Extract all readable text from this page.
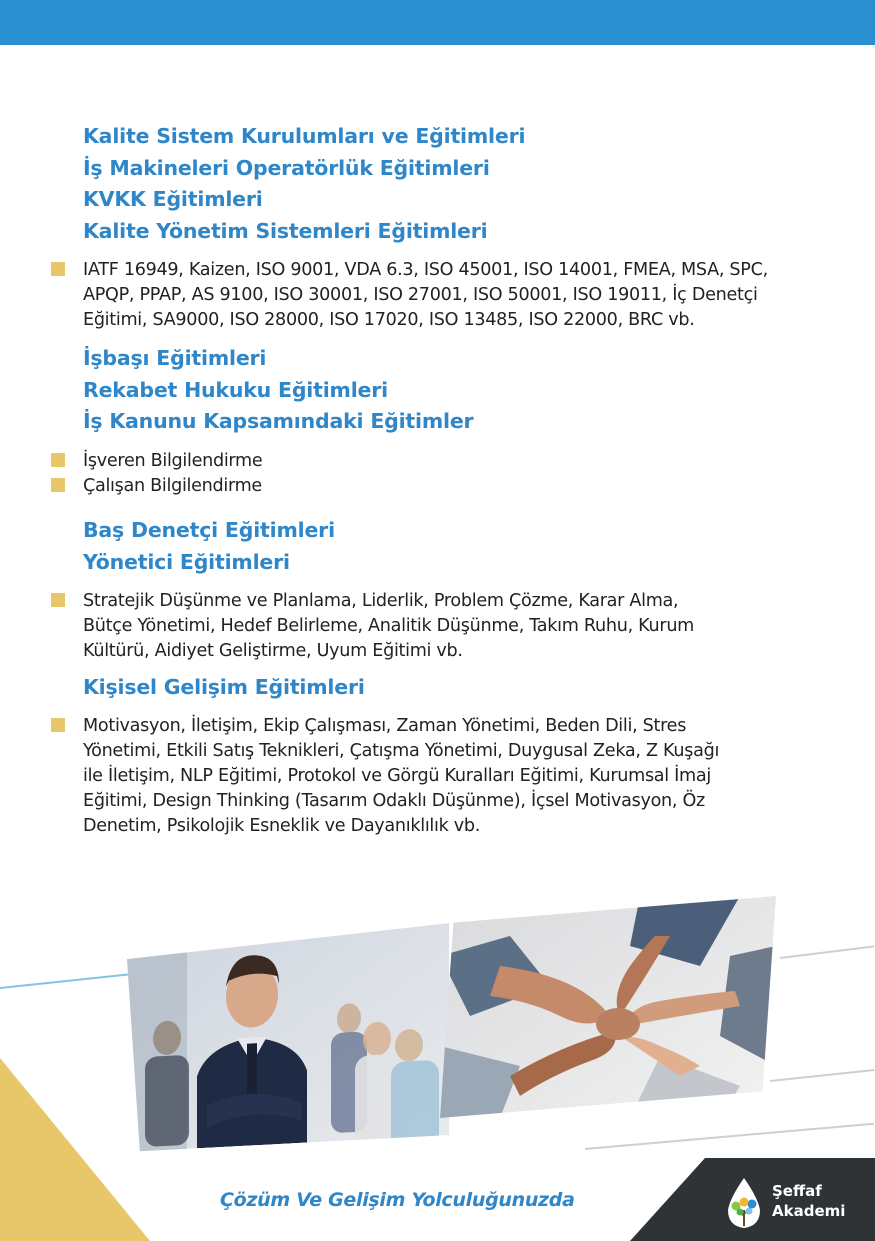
Kalite Sistem Kurulumları ve Eğitimleri
İş Makineleri Operatörlük Eğitimleri
KVKK Eğitimleri
Kalite Yönetim Sistemleri Eğitimleri
IATF 16949, Kaizen, ISO 9001, VDA 6.3, ISO 45001, ISO 14001, FMEA, MSA, SPC,
APQP, PPAP, AS 9100, ISO 30001, ISO 27001, ISO 50001, ISO 19011, İç Denetçi
Eğitimi, SA9000, ISO 28000, ISO 17020, ISO 13485, ISO 22000, BRC vb.
İşbaşı Eğitimleri
Rekabet Hukuku Eğitimleri
İş Kanunu Kapsamındaki Eğitimler
İşveren Bilgilendirme
Çalışan Bilgilendirme
Baş Denetçi Eğitimleri
Yönetici Eğitimleri
Stratejik Düşünme ve Planlama, Liderlik, Problem Çözme, Karar Alma,
Bütçe Yönetimi, Hedef Belirleme, Analitik Düşünme, Takım Ruhu, Kurum
Kültürü, Aidiyet Geliştirme, Uyum Eğitimi vb.
Kişisel Gelişim Eğitimleri
Motivasyon, İletişim, Ekip Çalışması, Zaman Yönetimi, Beden Dili, Stres
Yönetimi, Etkili Satış Teknikleri, Çatışma Yönetimi, Duygusal Zeka, Z Kuşağı
ile İletişim, NLP Eğitimi, Protokol ve Görgü Kuralları Eğitimi, Kurumsal İmaj
Eğitimi, Design Thinking (Tasarım Odaklı Düşünme), İçsel Motivasyon, Öz
Denetim, Psikolojik Esneklik ve Dayanıklılık vb.
Çözüm Ve Gelişim Yolculuğunuzda	Şeffaf
Akademi
